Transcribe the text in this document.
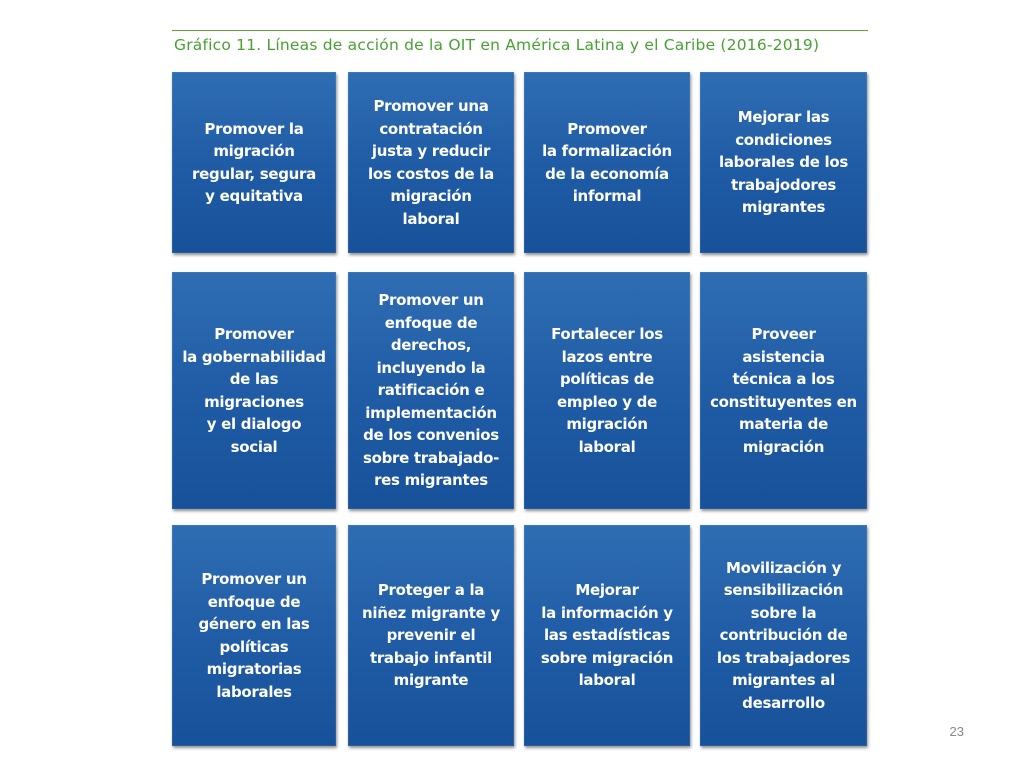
Gráfico 11. Líneas de acción de la OIT en América Latina y el Caribe (2016-2019)
Promover la
migración
regular, segura
y equitativa
Promover una
contratación
justa y reducir
los costos de la
migración
laboral
Promover
la formalización
de la economía
informal
Mejorar las
condiciones
laborales de los
trabajodores
migrantes
Promover
la gobernabilidad
de las
migraciones
y el dialogo
social
Promover un
enfoque de
derechos,
incluyendo la
ratificación e
implementación
de los convenios
sobre trabajado-
res migrantes
Fortalecer los
lazos entre
políticas de
empleo y de
migración
laboral
Proveer
asistencia
técnica a los
constituyentes en
materia de
migración
Promover un
enfoque de
género en las
políticas
migratorias
laborales
Proteger a la
niñez migrante y
prevenir el
trabajo infantil
migrante
Mejorar
la información y
las estadísticas
sobre migración
laboral
Movilización y
sensibilización
sobre la
contribución de
los trabajadores
migrantes al
desarrollo
23
